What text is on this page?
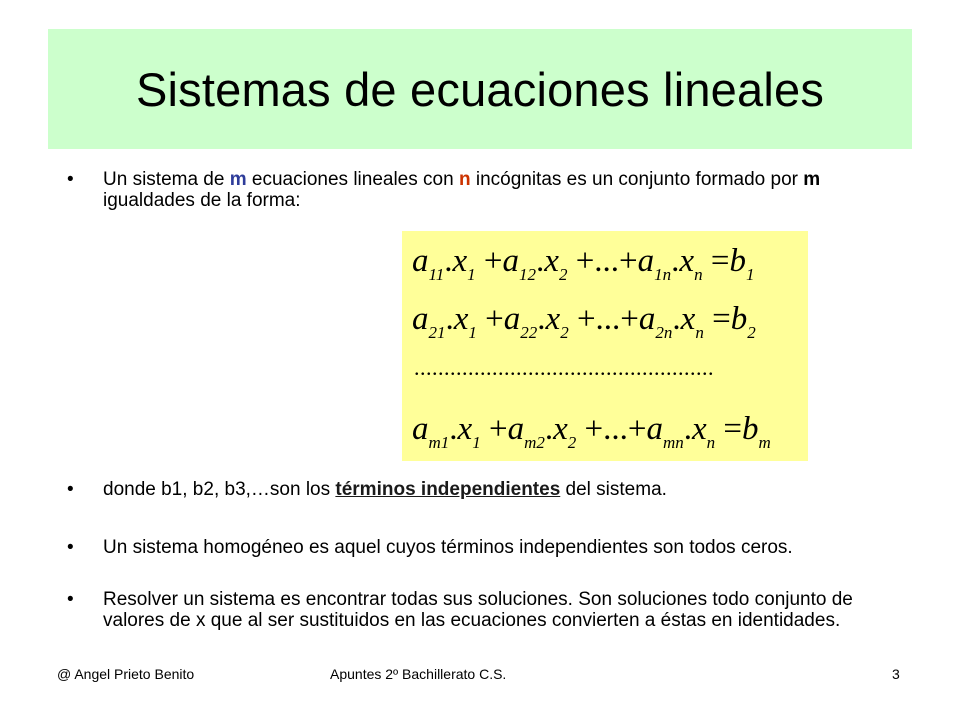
Sistemas de ecuaciones lineales
•	Un sistema de m ecuaciones lineales con n incógnitas es un conjunto formado por m igualdades de la forma:
$a_{11}.x_1 +a_{12}.x_2 +...+a_{1n}.x_n =b_1$
$a_{21}.x_1 +a_{22}.x_2 +...+a_{2n}.x_n =b_2$
..................................................
$a_{m1}.x_1 +a_{m2}.x_2 +...+a_{mn}.x_n =b_m$
•	donde b1, b2, b3,…son los términos independientes del sistema.
•	Un sistema homogéneo es aquel cuyos términos independientes son todos ceros.
•	Resolver un sistema es encontrar todas sus soluciones. Son soluciones todo conjunto de valores de x que al ser sustituidos en las ecuaciones convierten a éstas en identidades.
@ Angel Prieto Benito	Apuntes 2º Bachillerato C.S.	3
